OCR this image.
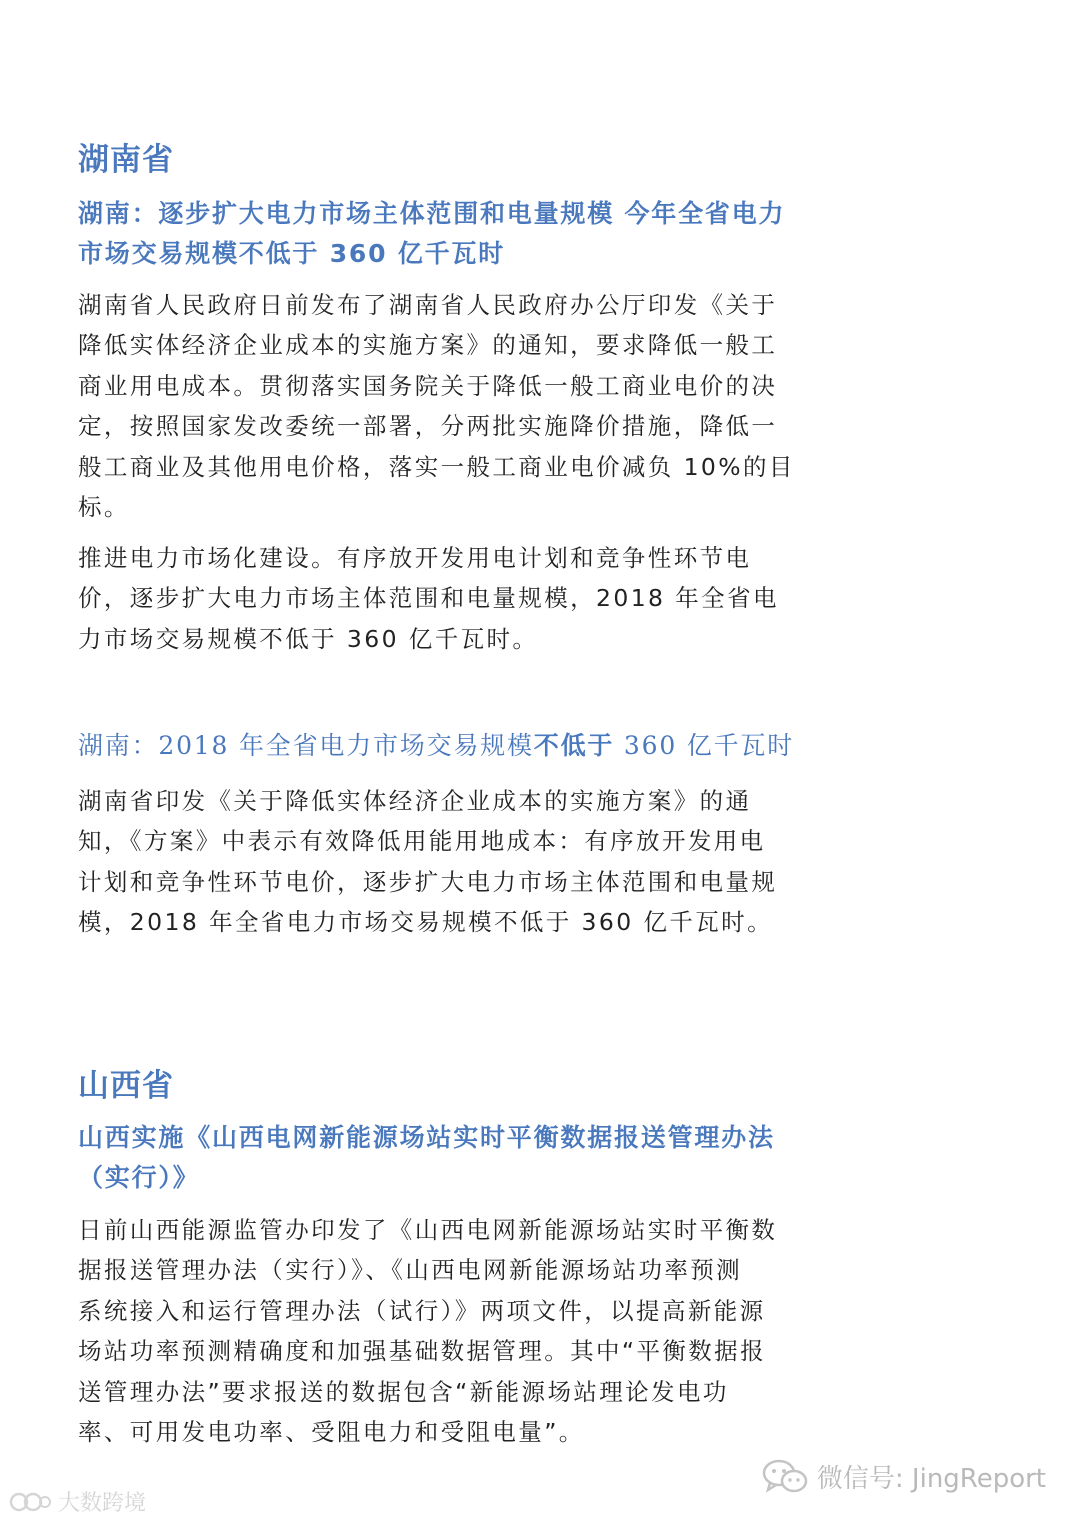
湖南省
湖南：逐步扩大电力市场主体范围和电量规模 今年全省电力
市场交易规模不低于 360 亿千瓦时
湖南省人民政府日前发布了湖南省人民政府办公厅印发《关于
降低实体经济企业成本的实施方案》的通知，要求降低一般工
商业用电成本。贯彻落实国务院关于降低一般工商业电价的决
定，按照国家发改委统一部署，分两批实施降价措施，降低一
般工商业及其他用电价格，落实一般工商业电价减负 10%的目
标。
推进电力市场化建设。有序放开发用电计划和竞争性环节电
价，逐步扩大电力市场主体范围和电量规模，2018 年全省电
力市场交易规模不低于 360 亿千瓦时。
湖南：2018 年全省电力市场交易规模不低于 360 亿千瓦时
湖南省印发《关于降低实体经济企业成本的实施方案》的通
知，《方案》中表示有效降低用能用地成本：有序放开发用电
计划和竞争性环节电价，逐步扩大电力市场主体范围和电量规
模，2018 年全省电力市场交易规模不低于 360 亿千瓦时。
山西省
山西实施《山西电网新能源场站实时平衡数据报送管理办法
（实行）》
日前山西能源监管办印发了《山西电网新能源场站实时平衡数
据报送管理办法（实行）》、《山西电网新能源场站功率预测
系统接入和运行管理办法（试行）》两项文件，以提高新能源
场站功率预测精确度和加强基础数据管理。其中“平衡数据报
送管理办法”要求报送的数据包含“新能源场站理论发电功
率、可用发电功率、受阻电力和受阻电量”。
微信号: JingReport
大数跨境
